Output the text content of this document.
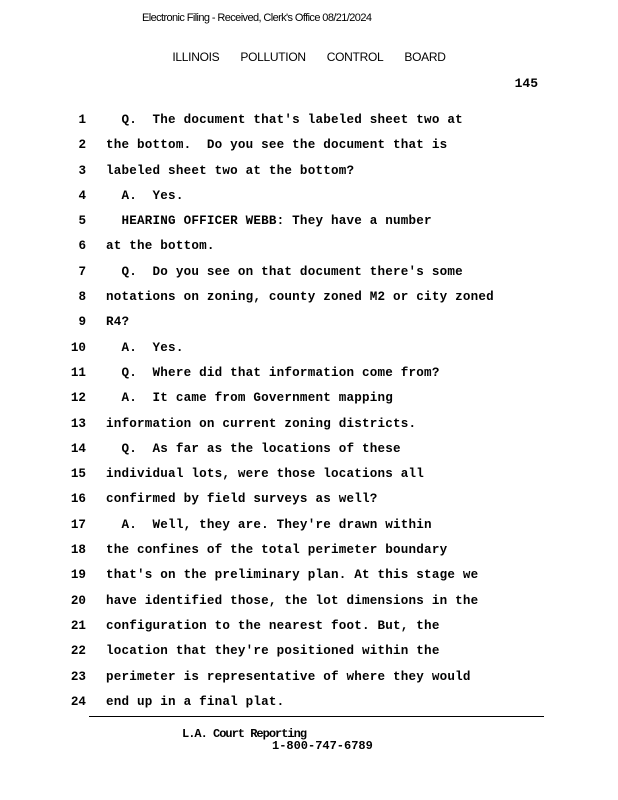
Electronic Filing - Received, Clerk's Office 08/21/2024
ILLINOIS POLLUTION CONTROL BOARD
145
1 Q.  The document that's labeled sheet two at
2 the bottom.  Do you see the document that is
3 labeled sheet two at the bottom?
4 A.  Yes.
5 HEARING OFFICER WEBB: They have a number
6 at the bottom.
7 Q.  Do you see on that document there's some
8 notations on zoning, county zoned M2 or city zoned
9 R4?
10 A.  Yes.
11 Q.  Where did that information come from?
12 A.  It came from Government mapping
13 information on current zoning districts.
14 Q.  As far as the locations of these
15 individual lots, were those locations all
16 confirmed by field surveys as well?
17 A.  Well, they are. They're drawn within
18 the confines of the total perimeter boundary
19 that's on the preliminary plan. At this stage we
20 have identified those, the lot dimensions in the
21 configuration to the nearest foot. But, the
22 location that they're positioned within the
23 perimeter is representative of where they would
24 end up in a final plat.
L.A. Court Reporting
1-800-747-6789
